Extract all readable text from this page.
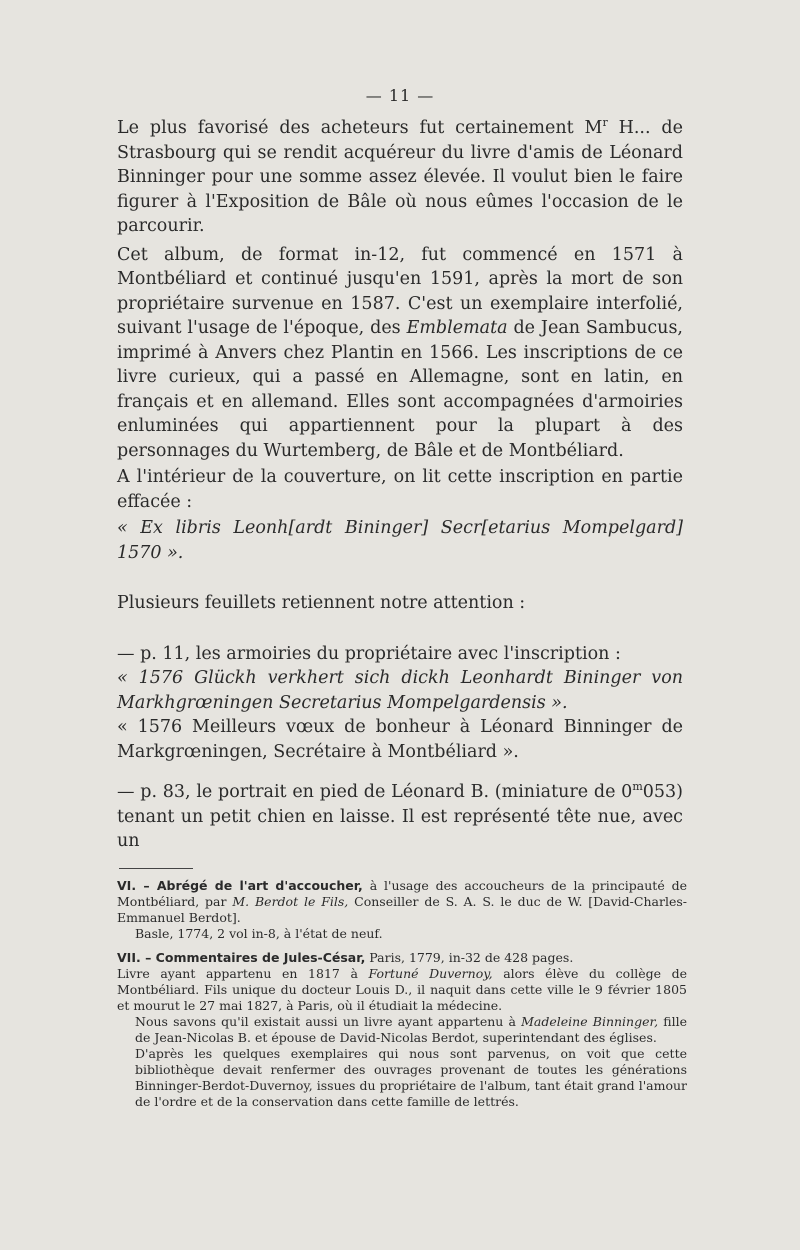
— 11 —

Le plus favorisé des acheteurs fut certainement $M^r$ H... de Strasbourg qui se rendit acquéreur du livre d'amis de Léonard Binninger pour une somme assez élevée. Il voulut bien le faire figurer à l'Exposition de Bâle où nous eûmes l'occasion de le parcourir.

Cet album, de format in-12, fut commencé en 1571 à Montbéliard et continué jusqu'en 1591, après la mort de son propriétaire survenue en 1587. C'est un exemplaire interfolié, suivant l'usage de l'époque, des Emblemata de Jean Sambucus, imprimé à Anvers chez Plantin en 1566. Les inscriptions de ce livre curieux, qui a passé en Allemagne, sont en latin, en français et en allemand. Elles sont accompagnées d'armoiries enluminées qui appartiennent pour la plupart à des personnages du Wurtemberg, de Bâle et de Montbéliard.

A l'intérieur de la couverture, on lit cette inscription en partie effacée :

« Ex libris Leonh[ardt Bininger] Secr[etarius Mompelgard] 1570 ».

Plusieurs feuillets retiennent notre attention :

— p. 11, les armoiries du propriétaire avec l'inscription :

« 1576 Glückh verkhert sich dickh Leonhardt Bininger von Markhgrœningen Secretarius Mompelgardensis ».

« 1576 Meilleurs vœux de bonheur à Léonard Binninger de Markgrœningen, Secrétaire à Montbéliard ».

— p. 83, le portrait en pied de Léonard B. (miniature de 0$^m$053) tenant un petit chien en laisse. Il est représenté tête nue, avec un

VI. – Abrégé de l'art d'accoucher, à l'usage des accoucheurs de la principauté de Montbéliard, par M. Berdot le Fils, Conseiller de S. A. S. le duc de W. [David-Charles-Emmanuel Berdot].

Basle, 1774, 2 vol in-8, à l'état de neuf.

VII. – Commentaires de Jules-César, Paris, 1779, in-32 de 428 pages.

Livre ayant appartenu en 1817 à Fortuné Duvernoy, alors élève du collège de Montbéliard. Fils unique du docteur Louis D., il naquit dans cette ville le 9 février 1805 et mourut le 27 mai 1827, à Paris, où il étudiait la médecine.

Nous savons qu'il existait aussi un livre ayant appartenu à Madeleine Binninger, fille de Jean-Nicolas B. et épouse de David-Nicolas Berdot, superintendant des églises.

D'après les quelques exemplaires qui nous sont parvenus, on voit que cette bibliothèque devait renfermer des ouvrages provenant de toutes les générations Binninger-Berdot-Duvernoy, issues du propriétaire de l'album, tant était grand l'amour de l'ordre et de la conservation dans cette famille de lettrés.
